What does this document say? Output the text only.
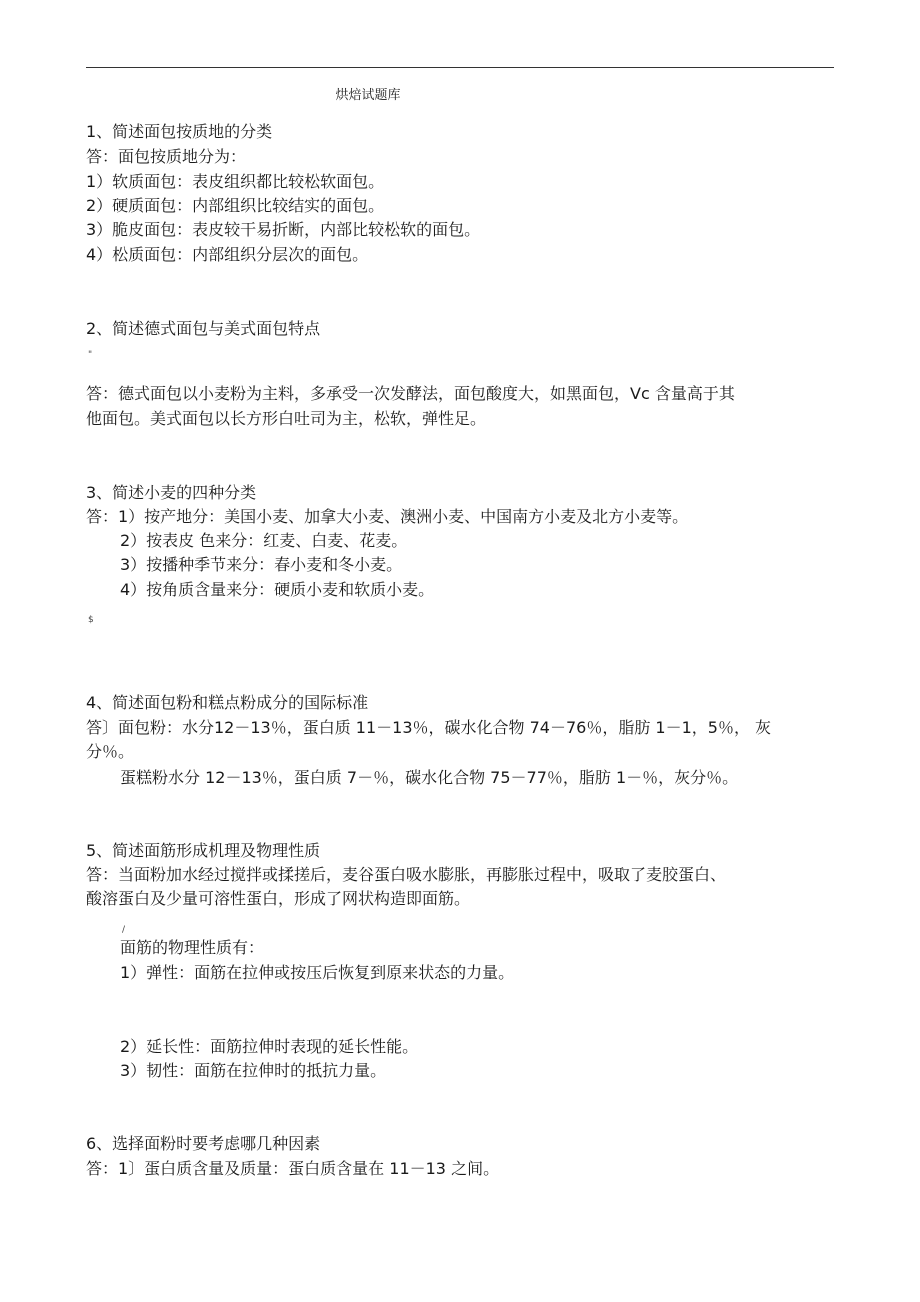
烘焙试题库
1、简述面包按质地的分类
答：面包按质地分为：
1）软质面包：表皮组织都比较松软面包。
2）硬质面包：内部组织比较结实的面包。
3）脆皮面包：表皮较干易折断，内部比较松软的面包。
4）松质面包：内部组织分层次的面包。
2、简述德式面包与美式面包特点
"
答：德式面包以小麦粉为主料，多承受一次发酵法，面包酸度大，如黑面包，Vc 含量高于其
他面包。美式面包以长方形白吐司为主，松软，弹性足。
3、简述小麦的四种分类
答：1）按产地分：美国小麦、加拿大小麦、澳洲小麦、中国南方小麦及北方小麦等。
2）按表皮 色来分：红麦、白麦、花麦。
3）按播种季节来分：春小麦和冬小麦。
4）按角质含量来分：硬质小麦和软质小麦。
$
4、简述面包粉和糕点粉成分的国际标准
答〕面包粉：水分12－13％，蛋白质 11－13％，碳水化合物 74－76％，脂肪 1－1，5％， 灰
分％。
蛋糕粉水分 12－13％，蛋白质 7－％，碳水化合物 75－77％，脂肪 1－％，灰分％。
5、简述面筋形成机理及物理性质
答：当面粉加水经过搅拌或揉搓后，麦谷蛋白吸水膨胀，再膨胀过程中，吸取了麦胶蛋白、
酸溶蛋白及少量可溶性蛋白，形成了网状构造即面筋。
/
面筋的物理性质有：
1）弹性：面筋在拉伸或按压后恢复到原来状态的力量。
2）延长性：面筋拉伸时表现的延长性能。
3）韧性：面筋在拉伸时的抵抗力量。
6、选择面粉时要考虑哪几种因素
答：1〕蛋白质含量及质量：蛋白质含量在 11－13 之间。
